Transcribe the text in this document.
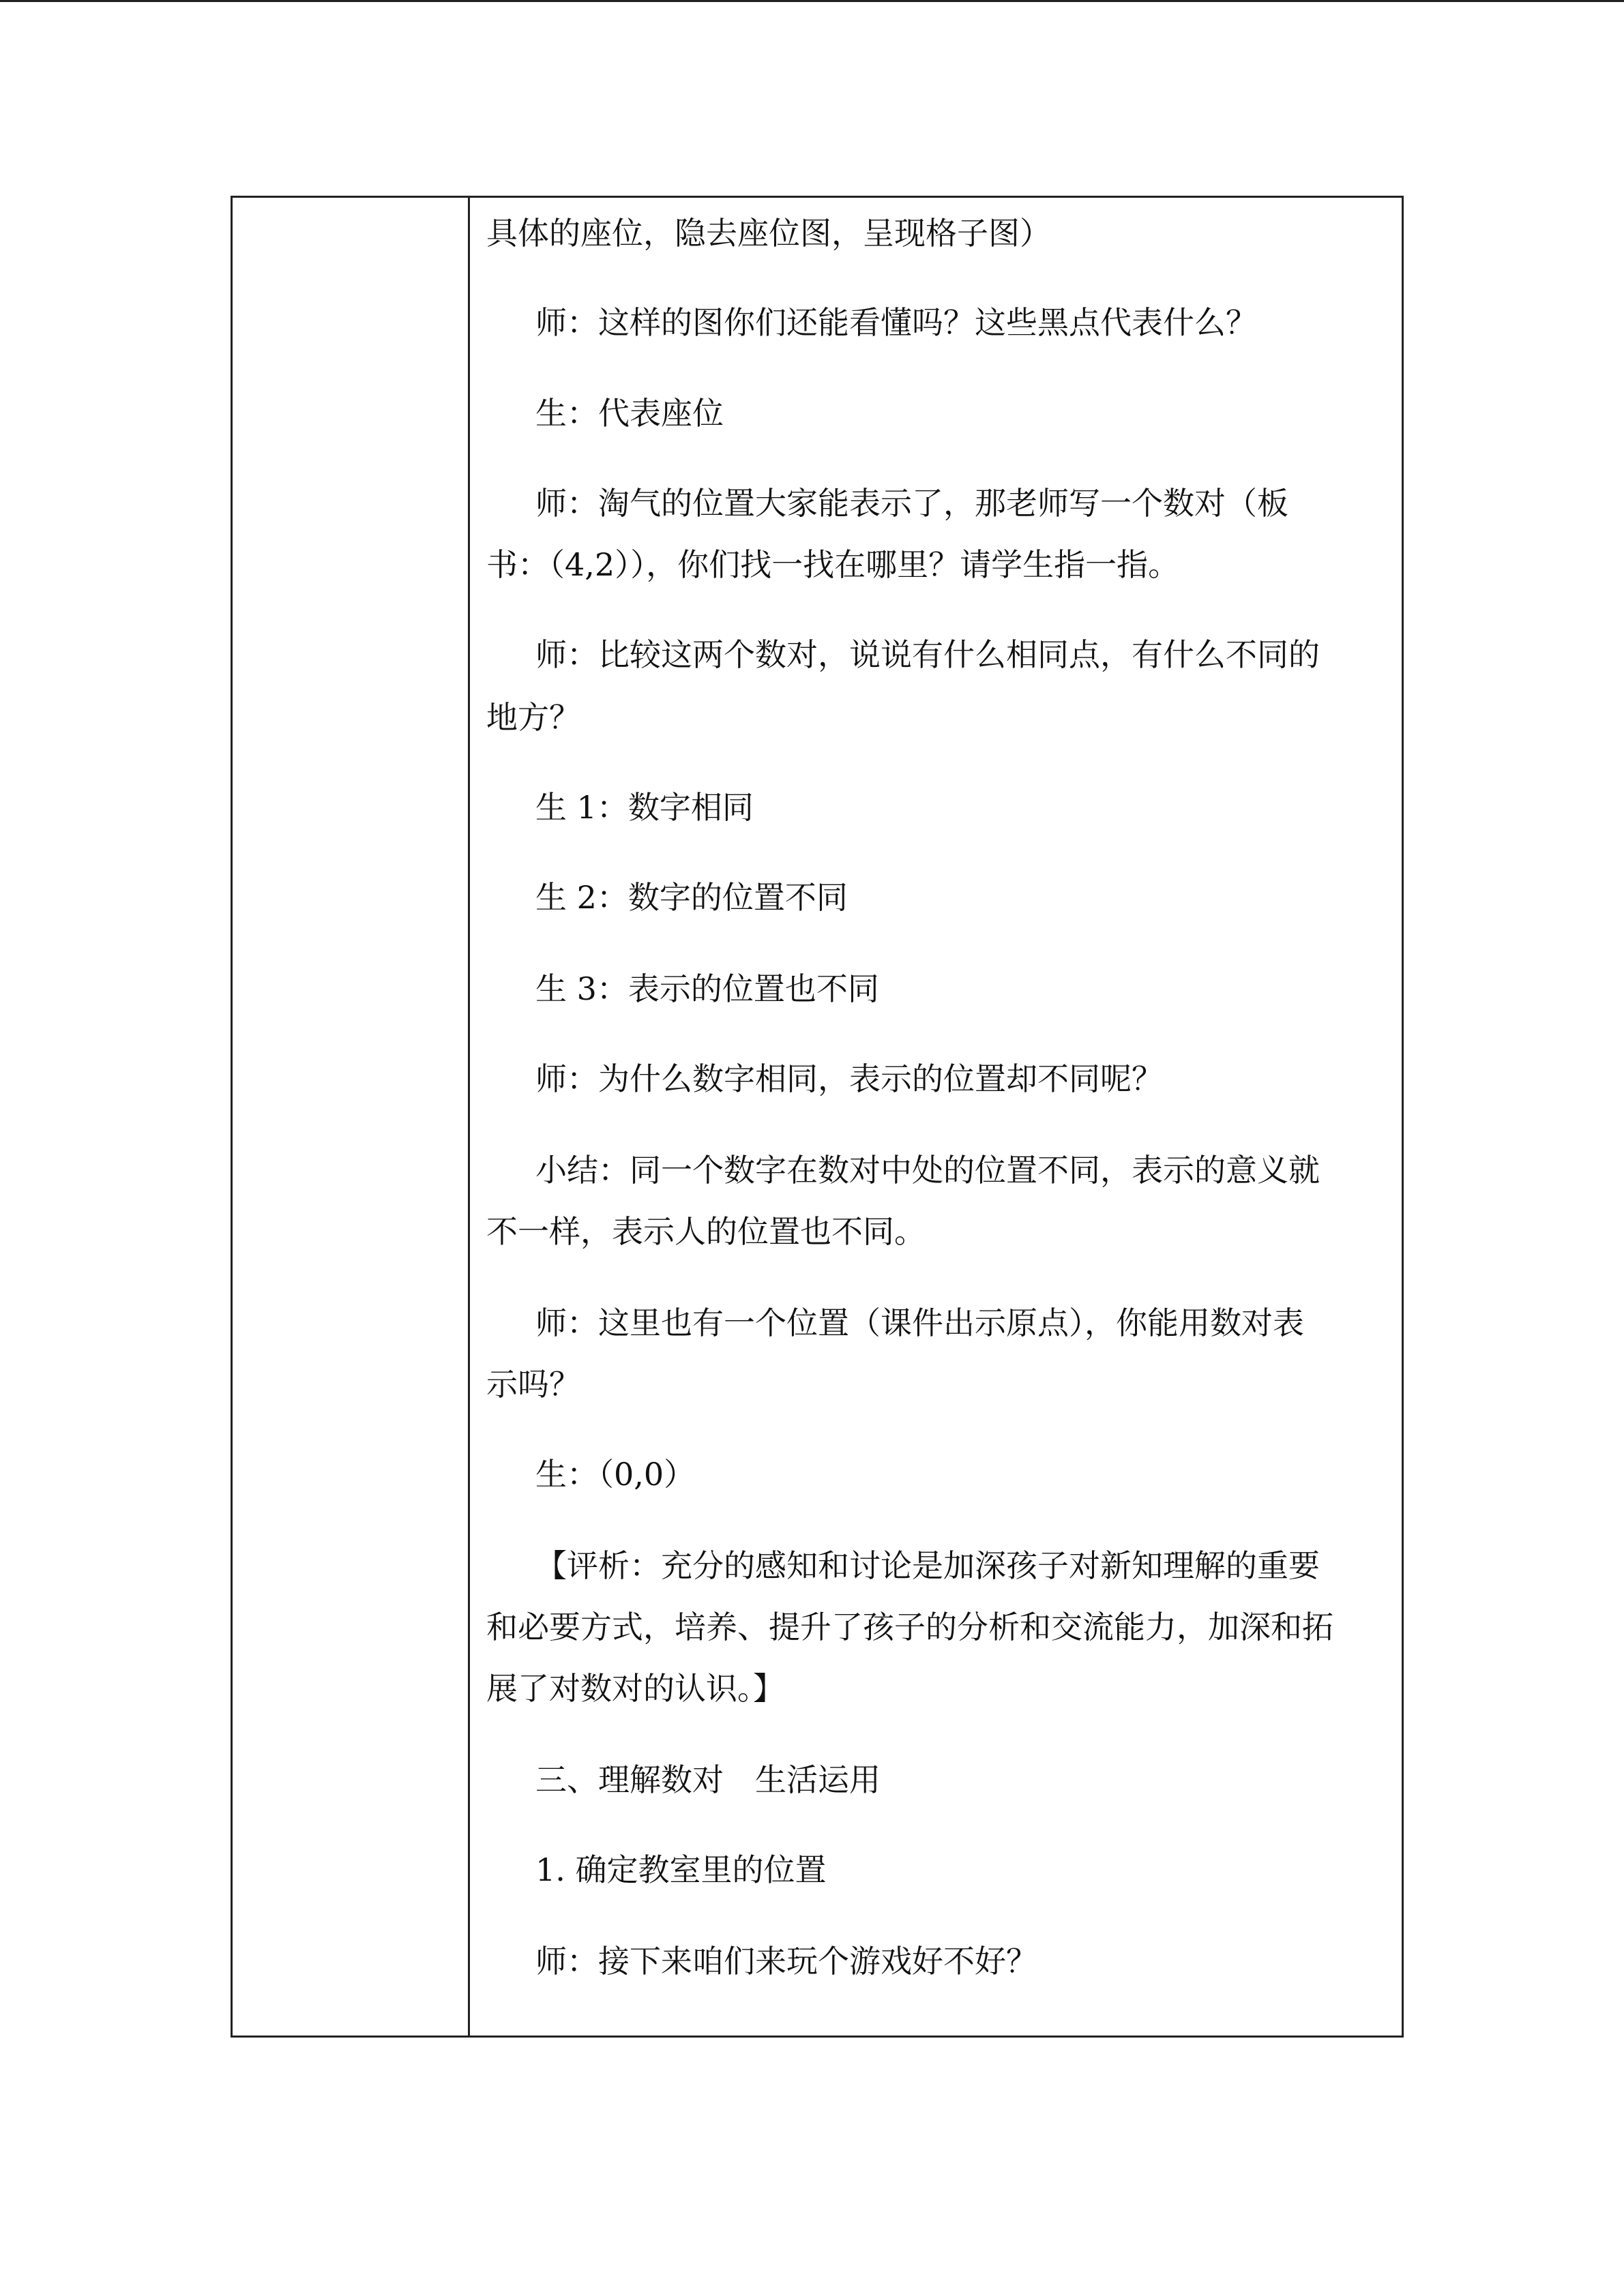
具体的座位，隐去座位图，呈现格子图）
师：这样的图你们还能看懂吗？这些黑点代表什么？
生：代表座位
师：淘气的位置大家能表示了，那老师写一个数对（板
书：（4,2）），你们找一找在哪里？请学生指一指。
师：比较这两个数对，说说有什么相同点，有什么不同的
地方？
生 1：数字相同
生 2：数字的位置不同
生 3：表示的位置也不同
师：为什么数字相同，表示的位置却不同呢？
小结：同一个数字在数对中处的位置不同，表示的意义就
不一样，表示人的位置也不同。
师：这里也有一个位置（课件出示原点），你能用数对表
示吗？
生：（0,0）
【评析：充分的感知和讨论是加深孩子对新知理解的重要
和必要方式，培养、提升了孩子的分析和交流能力，加深和拓
展了对数对的认识。】
三、理解数对　生活运用
1. 确定教室里的位置
师：接下来咱们来玩个游戏好不好？
